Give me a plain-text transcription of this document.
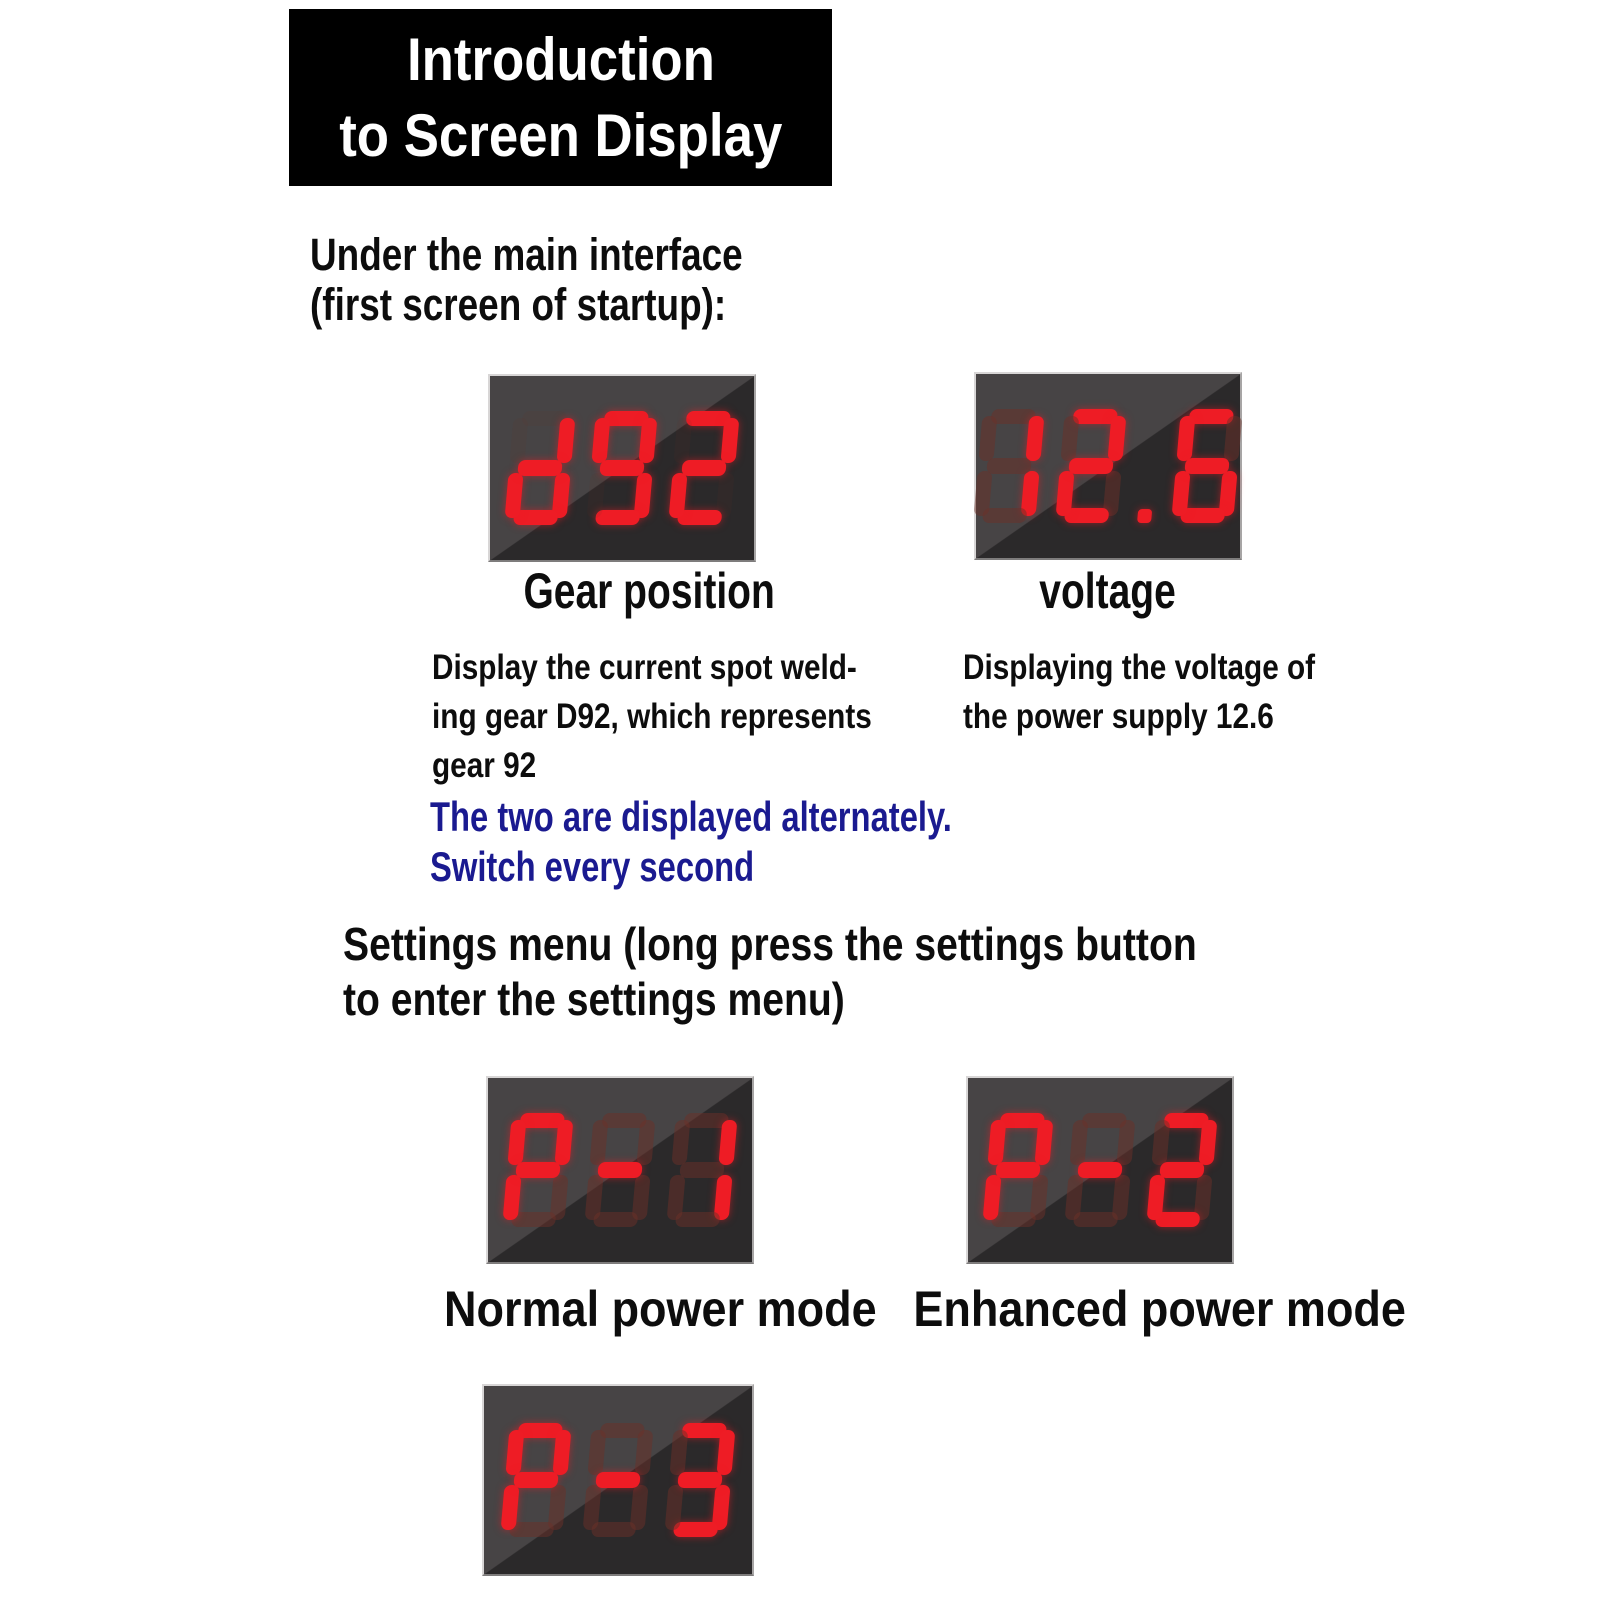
Introduction
to Screen Display
Under the main interface
(first screen of startup):
Gear position	voltage
Display the current spot weld-
ing gear D92, which represents
gear 92
Displaying the voltage of
the power supply 12.6
The two are displayed alternately.
Switch every second
Settings menu (long press the settings button
to enter the settings menu)
Normal power mode Enhanced power mode
